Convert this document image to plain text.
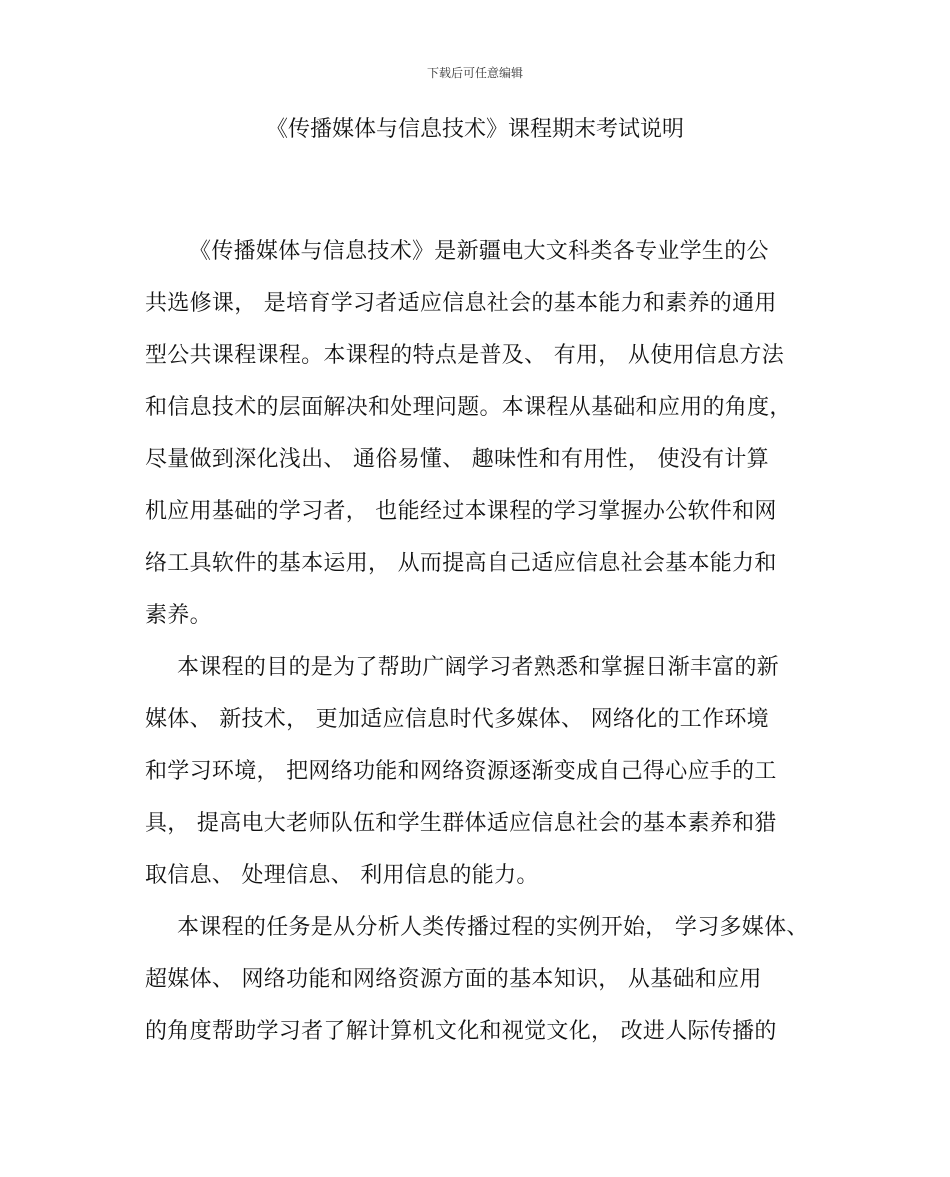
下载后可任意编辑
《传播媒体与信息技术》课程期末考试说明
《传播媒体与信息技术》是新疆电大文科类各专业学生的公
共选修课， 是培育学习者适应信息社会的基本能力和素养的通用
型公共课程课程。本课程的特点是普及、 有用， 从使用信息方法
和信息技术的层面解决和处理问题。本课程从基础和应用的角度，
尽量做到深化浅出、 通俗易懂、 趣味性和有用性， 使没有计算
机应用基础的学习者， 也能经过本课程的学习掌握办公软件和网
络工具软件的基本运用， 从而提高自己适应信息社会基本能力和
素养。
本课程的目的是为了帮助广阔学习者熟悉和掌握日渐丰富的新
媒体、 新技术， 更加适应信息时代多媒体、 网络化的工作环境
和学习环境， 把网络功能和网络资源逐渐变成自己得心应手的工
具， 提高电大老师队伍和学生群体适应信息社会的基本素养和猎
取信息、 处理信息、 利用信息的能力。
本课程的任务是从分析人类传播过程的实例开始， 学习多媒体、
超媒体、 网络功能和网络资源方面的基本知识， 从基础和应用
的角度帮助学习者了解计算机文化和视觉文化， 改进人际传播的
